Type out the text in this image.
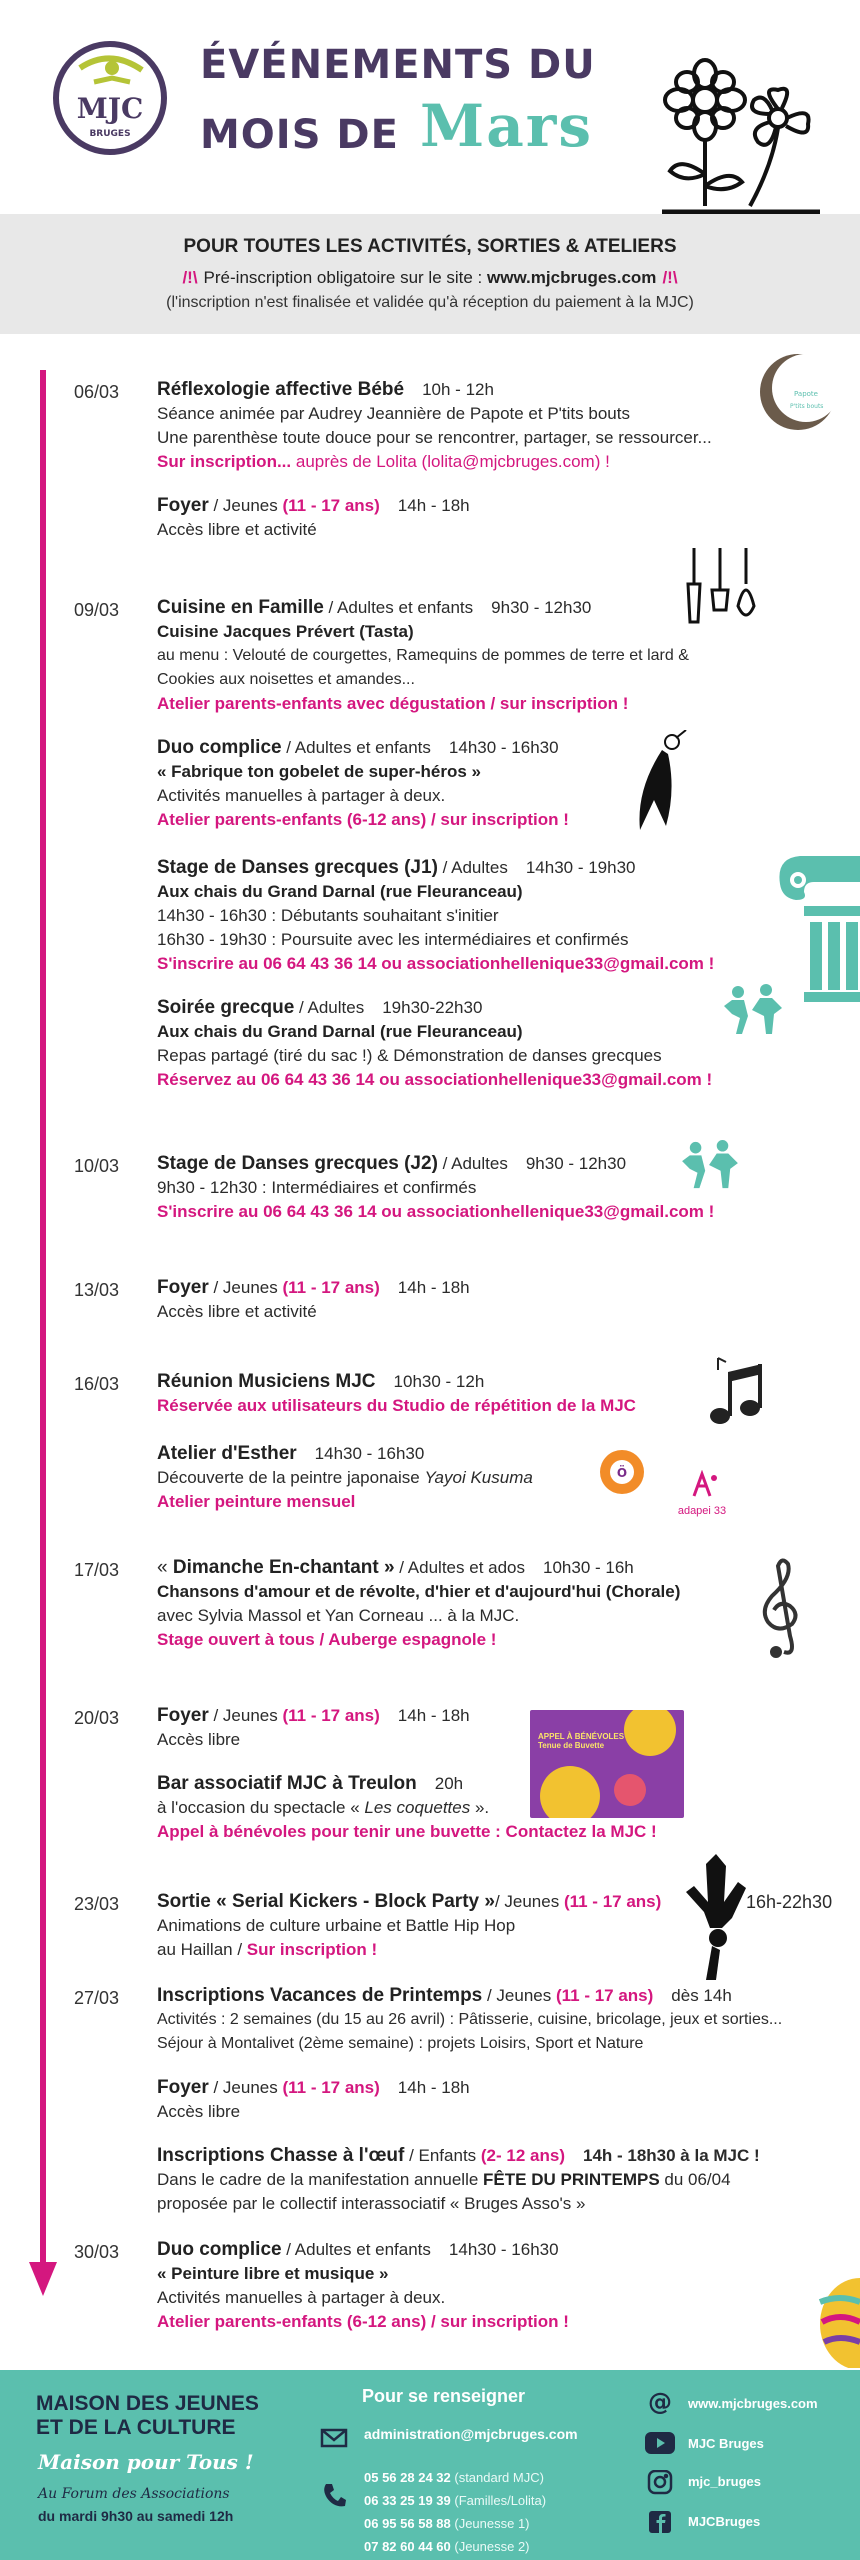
MJC
BRUGES
ÉVÉNEMENTS DU
MOIS DE Mars
POUR TOUTES LES ACTIVITÉS, SORTIES & ATELIERS
/!\ Pré-inscription obligatoire sur le site : www.mjcbruges.com /!\
(l'inscription n'est finalisée et validée qu'à réception du paiement à la MJC)
06/03 Réflexologie affective Bébé 10h - 12h
Séance animée par Audrey Jeannière de Papote et P'tits bouts
Une parenthèse toute douce pour se rencontrer, partager, se ressourcer...
Sur inscription... auprès de Lolita (lolita@mjcbruges.com) !
Papote
P'tits bouts
Foyer / Jeunes (11 - 17 ans) 14h - 18h
Accès libre et activité
09/03 Cuisine en Famille / Adultes et enfants 9h30 - 12h30
Cuisine Jacques Prévert (Tasta)
au menu : Velouté de courgettes, Ramequins de pommes de terre et lard &
Cookies aux noisettes et amandes...
Atelier parents-enfants avec dégustation / sur inscription !
Duo complice / Adultes et enfants 14h30 - 16h30
« Fabrique ton gobelet de super-héros »
Activités manuelles à partager à deux.
Atelier parents-enfants (6-12 ans) / sur inscription !
Stage de Danses grecques (J1) / Adultes 14h30 - 19h30
Aux chais du Grand Darnal (rue Fleuranceau)
14h30 - 16h30 : Débutants souhaitant s'initier
16h30 - 19h30 : Poursuite avec les intermédiaires et confirmés
S'inscrire au 06 64 43 36 14 ou associationhellenique33@gmail.com !
Soirée grecque / Adultes 19h30-22h30
Aux chais du Grand Darnal (rue Fleuranceau)
Repas partagé (tiré du sac !) & Démonstration de danses grecques
Réservez au 06 64 43 36 14 ou associationhellenique33@gmail.com !
10/03 Stage de Danses grecques (J2) / Adultes 9h30 - 12h30
9h30 - 12h30 : Intermédiaires et confirmés
S'inscrire au 06 64 43 36 14 ou associationhellenique33@gmail.com !
13/03 Foyer / Jeunes (11 - 17 ans) 14h - 18h
Accès libre et activité
16/03 Réunion Musiciens MJC 10h30 - 12h
Réservée aux utilisateurs du Studio de répétition de la MJC
Atelier d'Esther 14h30 - 16h30
Découverte de la peintre japonaise Yayoi Kusuma
Atelier peinture mensuel
Ö
adapei 33
17/03 « Dimanche En-chantant » / Adultes et ados 10h30 - 16h
Chansons d'amour et de révolte, d'hier et d'aujourd'hui (Chorale)
avec Sylvia Massol et Yan Corneau ... à la MJC.
Stage ouvert à tous / Auberge espagnole !
20/03 Foyer / Jeunes (11 - 17 ans) 14h - 18h
Accès libre	APPEL À BÉNÉVOLES Tenue de Buvette
Bar associatif MJC à Treulon 20h
à l'occasion du spectacle « Les coquettes ».
Appel à bénévoles pour tenir une buvette : Contactez la MJC !
23/03 Sortie « Serial Kickers - Block Party »/ Jeunes (11 - 17 ans)
Animations de culture urbaine et Battle Hip Hop
au Haillan / Sur inscription !
16h-22h30
27/03 Inscriptions Vacances de Printemps / Jeunes (11 - 17 ans) dès 14h
Activités : 2 semaines (du 15 au 26 avril) : Pâtisserie, cuisine, bricolage, jeux et sorties...
Séjour à Montalivet (2ème semaine) : projets Loisirs, Sport et Nature
Foyer / Jeunes (11 - 17 ans) 14h - 18h
Accès libre
Inscriptions Chasse à l'œuf / Enfants (2- 12 ans) 14h - 18h30 à la MJC !
Dans le cadre de la manifestation annuelle FÊTE DU PRINTEMPS du 06/04
proposée par le collectif interassociatif « Bruges Asso's »
30/03 Duo complice / Adultes et enfants 14h30 - 16h30
« Peinture libre et musique »
Activités manuelles à partager à deux.
Atelier parents-enfants (6-12 ans) / sur inscription !
MAISON DES JEUNES
ET DE LA CULTURE
Maison pour Tous !
Au Forum des Associations
du mardi 9h30 au samedi 12h
Pour se renseigner
administration@mjcbruges.com
05 56 28 24 32 (standard MJC)
06 33 25 19 39 (Familles/Lolita)
06 95 56 58 88 (Jeunesse 1)
07 82 60 44 60 (Jeunesse 2)
@ www.mjcbruges.com
MJC Bruges
mjc_bruges
MJCBruges
